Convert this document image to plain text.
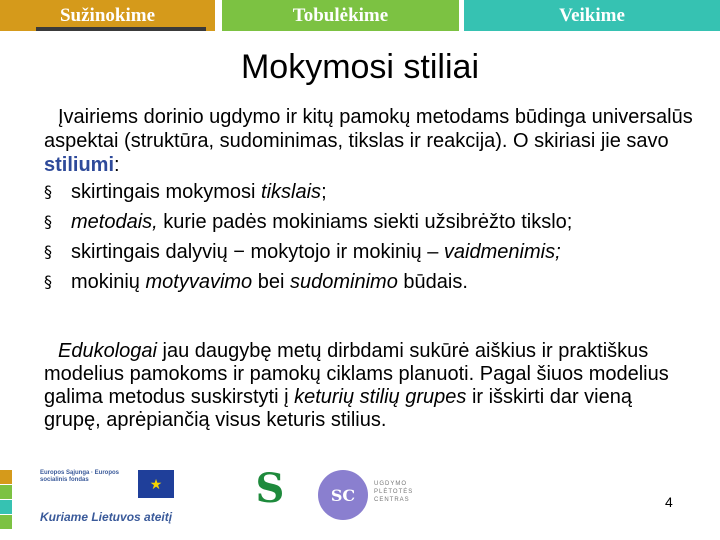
Sužinokime	Tobulėkime	Veikime
Mokymosi stiliai

Įvairiems dorinio ugdymo ir kitų pamokų metodams būdinga universalūs aspektai (struktūra, sudominimas, tikslas ir reakcija). O skiriasi jie savo stiliumi:

§ skirtingais mokymosi tikslais;
§ metodais, kurie padės mokiniams siekti užsibrėžto tikslo;
§ skirtingais dalyvių − mokytojo ir mokinių – vaidmenimis;
§ mokinių motyvavimo bei sudominimo būdais.

Edukologai jau daugybę metų dirbdami sukūrė aiškius ir praktiškus modelius pamokoms ir pamokų ciklams planuoti. Pagal šiuos modelius galima metodus suskirstyti į keturių stilių grupes ir išskirti dar vieną grupę, aprėpiančią visus keturis stilius.

Europos Sąjunga · Europos socialinis fondas	★
Kuriame Lietuvos ateitį
S	SC
UGDYMO PLĖTOTĖS CENTRAS	4
